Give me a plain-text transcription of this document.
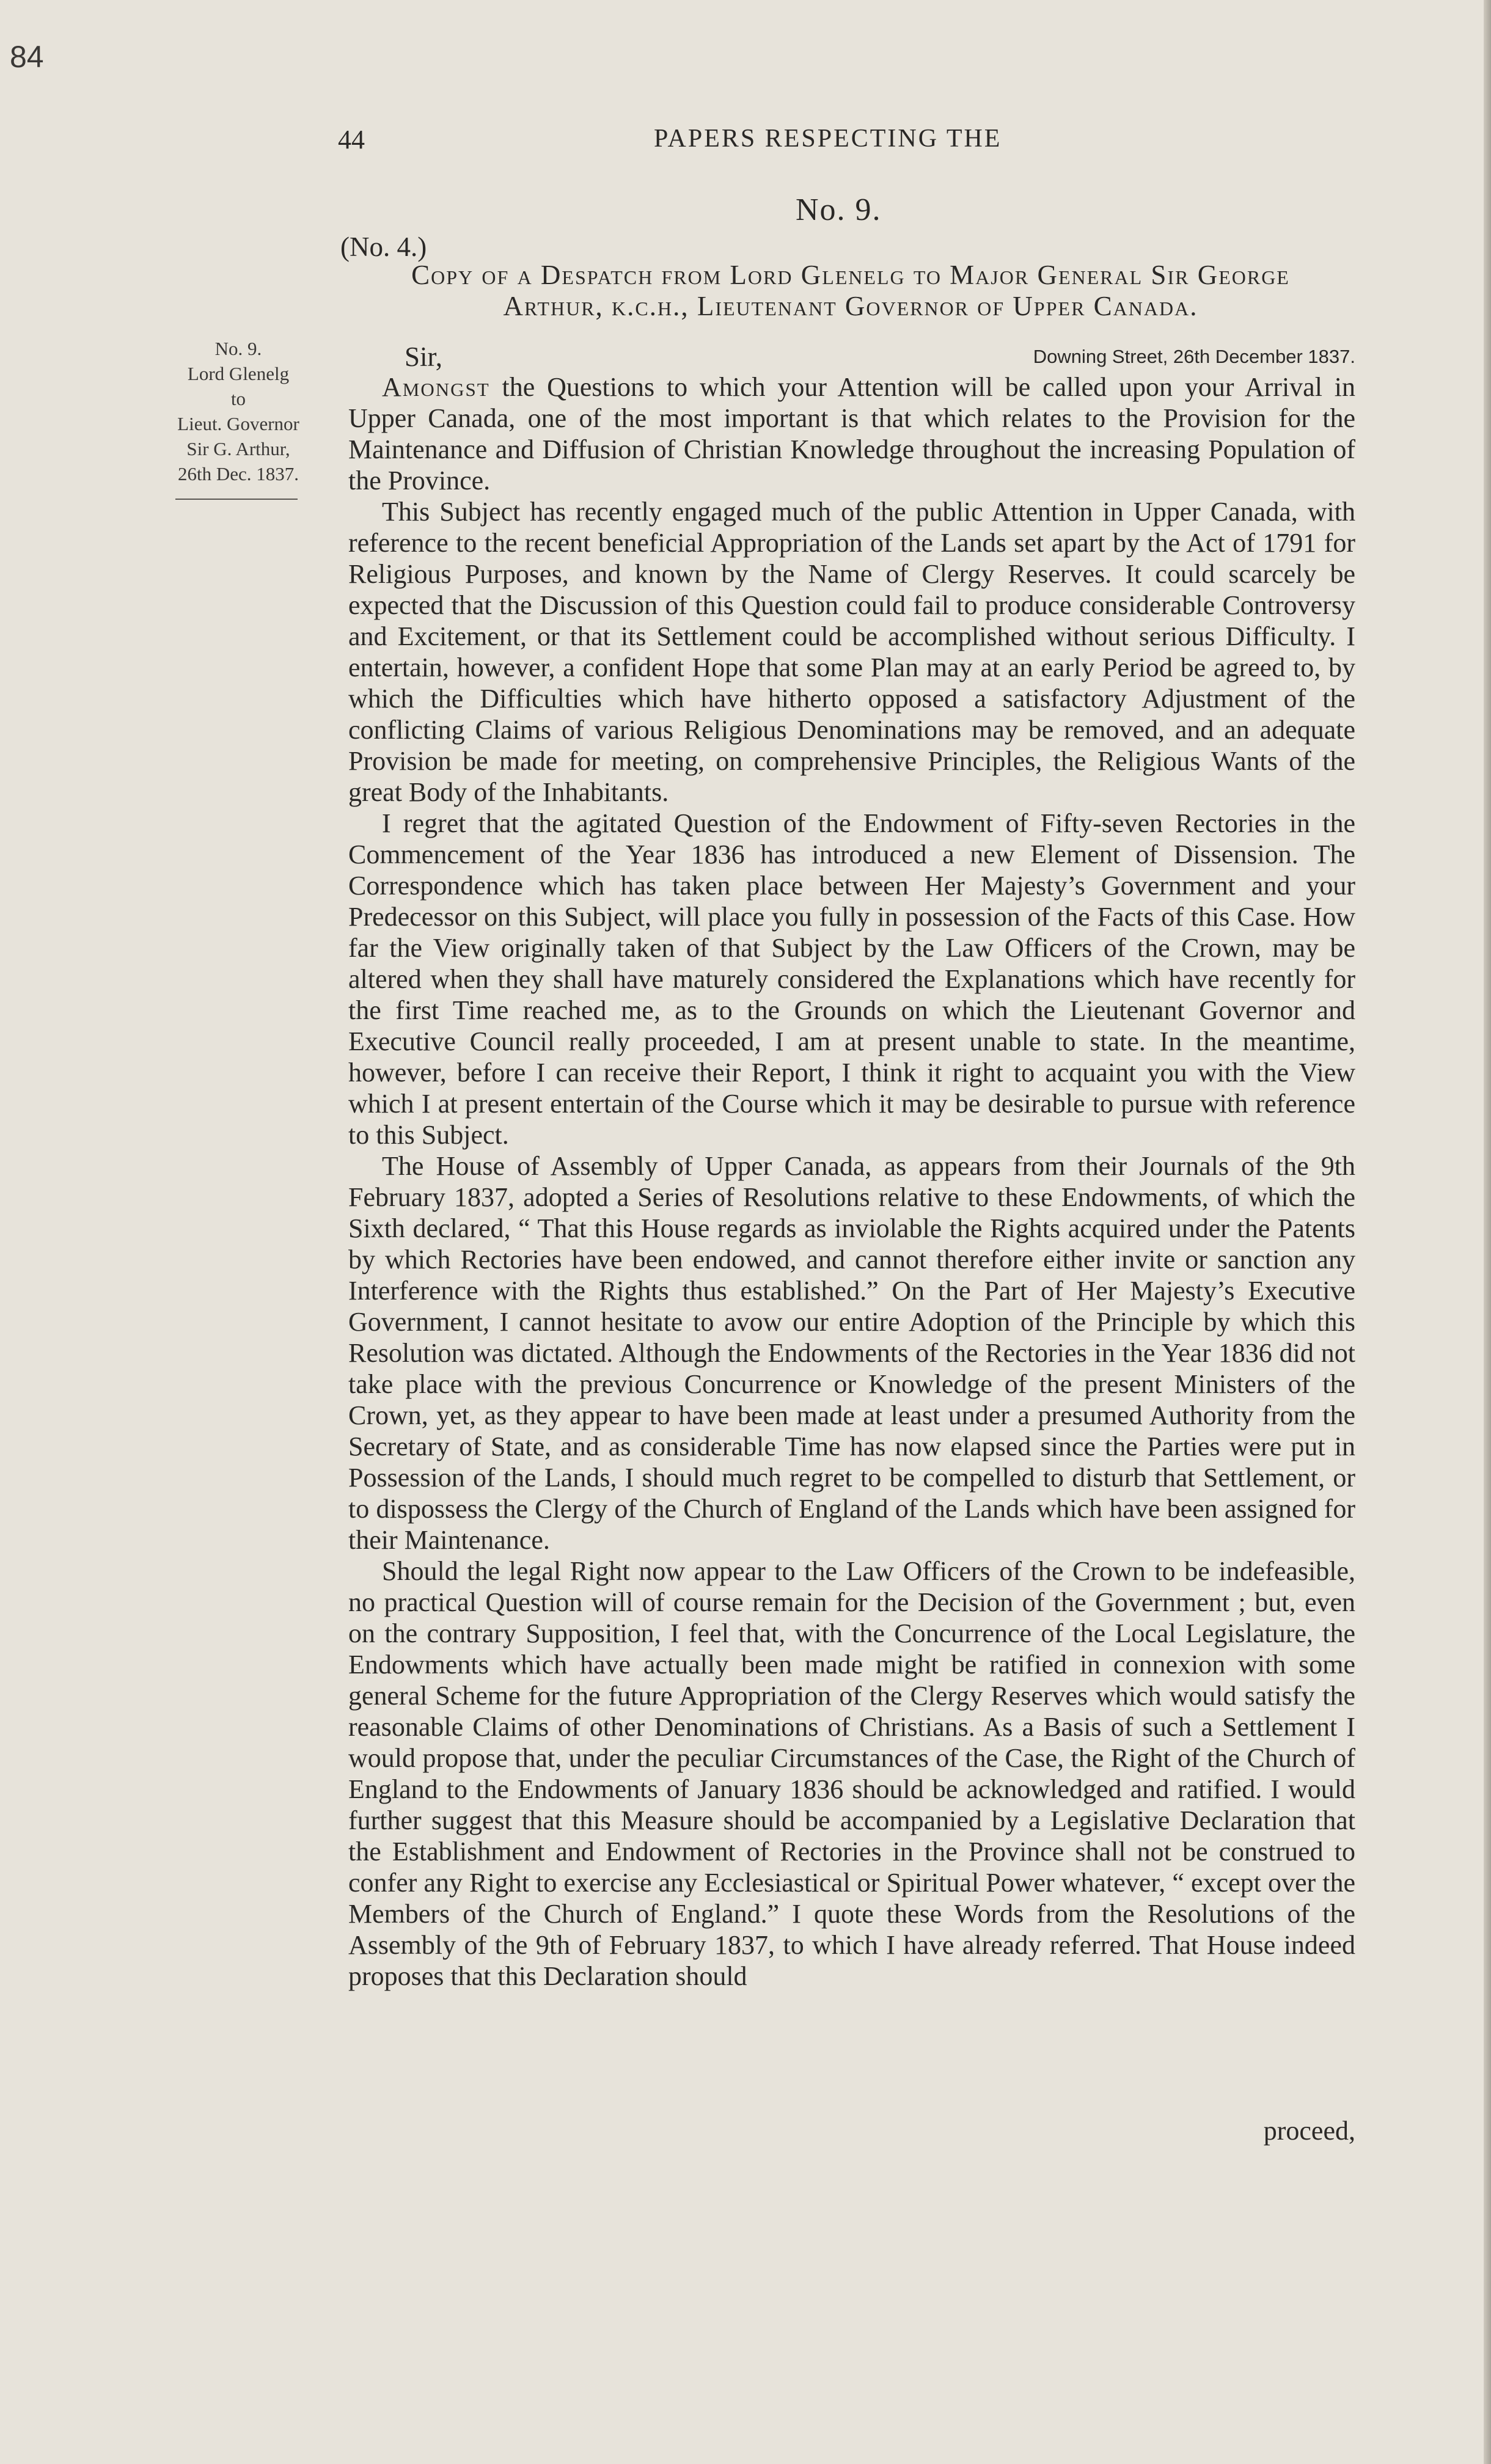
84
44	PAPERS RESPECTING THE
No. 9.
(No. 4.)
Copy of a Despatch from Lord Glenelg to Major General Sir George
Arthur, k.c.h., Lieutenant Governor of Upper Canada.
No. 9.
Lord Glenelg
to
Lieut. Governor
Sir G. Arthur,
26th Dec. 1837.
Sir,	Downing Street, 26th December 1837.

Amongst the Questions to which your Attention will be called upon your Arrival in Upper Canada, one of the most important is that which relates to the Provision for the Maintenance and Diffusion of Christian Knowledge throughout the increasing Population of the Province.

This Subject has recently engaged much of the public Attention in Upper Canada, with reference to the recent beneficial Appropriation of the Lands set apart by the Act of 1791 for Religious Purposes, and known by the Name of Clergy Reserves. It could scarcely be expected that the Discussion of this Question could fail to produce considerable Controversy and Excitement, or that its Settlement could be accomplished without serious Difficulty. I entertain, however, a confident Hope that some Plan may at an early Period be agreed to, by which the Difficulties which have hitherto opposed a satisfactory Adjustment of the conflicting Claims of various Religious Denominations may be removed, and an adequate Provision be made for meeting, on comprehensive Principles, the Religious Wants of the great Body of the Inhabitants.

I regret that the agitated Question of the Endowment of Fifty-seven Rectories in the Commencement of the Year 1836 has introduced a new Element of Dissension. The Correspondence which has taken place between Her Majesty’s Government and your Predecessor on this Subject, will place you fully in possession of the Facts of this Case. How far the View originally taken of that Subject by the Law Officers of the Crown, may be altered when they shall have maturely considered the Explanations which have recently for the first Time reached me, as to the Grounds on which the Lieutenant Governor and Executive Council really proceeded, I am at present unable to state. In the meantime, however, before I can receive their Report, I think it right to acquaint you with the View which I at present entertain of the Course which it may be desirable to pursue with reference to this Subject.

The House of Assembly of Upper Canada, as appears from their Journals of the 9th February 1837, adopted a Series of Resolutions relative to these Endowments, of which the Sixth declared, “ That this House regards as inviolable the Rights acquired under the Patents by which Rectories have been endowed, and cannot therefore either invite or sanction any Interference with the Rights thus established.” On the Part of Her Majesty’s Executive Government, I cannot hesitate to avow our entire Adoption of the Principle by which this Resolution was dictated. Although the Endowments of the Rectories in the Year 1836 did not take place with the previous Concurrence or Knowledge of the present Ministers of the Crown, yet, as they appear to have been made at least under a presumed Authority from the Secretary of State, and as considerable Time has now elapsed since the Parties were put in Possession of the Lands, I should much regret to be compelled to disturb that Settlement, or to dispossess the Clergy of the Church of England of the Lands which have been assigned for their Maintenance.

Should the legal Right now appear to the Law Officers of the Crown to be indefeasible, no practical Question will of course remain for the Decision of the Government ; but, even on the contrary Supposition, I feel that, with the Concurrence of the Local Legislature, the Endowments which have actually been made might be ratified in connexion with some general Scheme for the future Appropriation of the Clergy Reserves which would satisfy the reasonable Claims of other Denominations of Christians. As a Basis of such a Settlement I would propose that, under the peculiar Circumstances of the Case, the Right of the Church of England to the Endowments of January 1836 should be acknowledged and ratified. I would further suggest that this Measure should be accompanied by a Legislative Declaration that the Establishment and Endowment of Rectories in the Province shall not be construed to confer any Right to exercise any Ecclesiastical or Spiritual Power whatever, “ except over the Members of the Church of England.” I quote these Words from the Resolutions of the Assembly of the 9th of February 1837, to which I have already referred. That House indeed proposes that this Declaration should

proceed,
